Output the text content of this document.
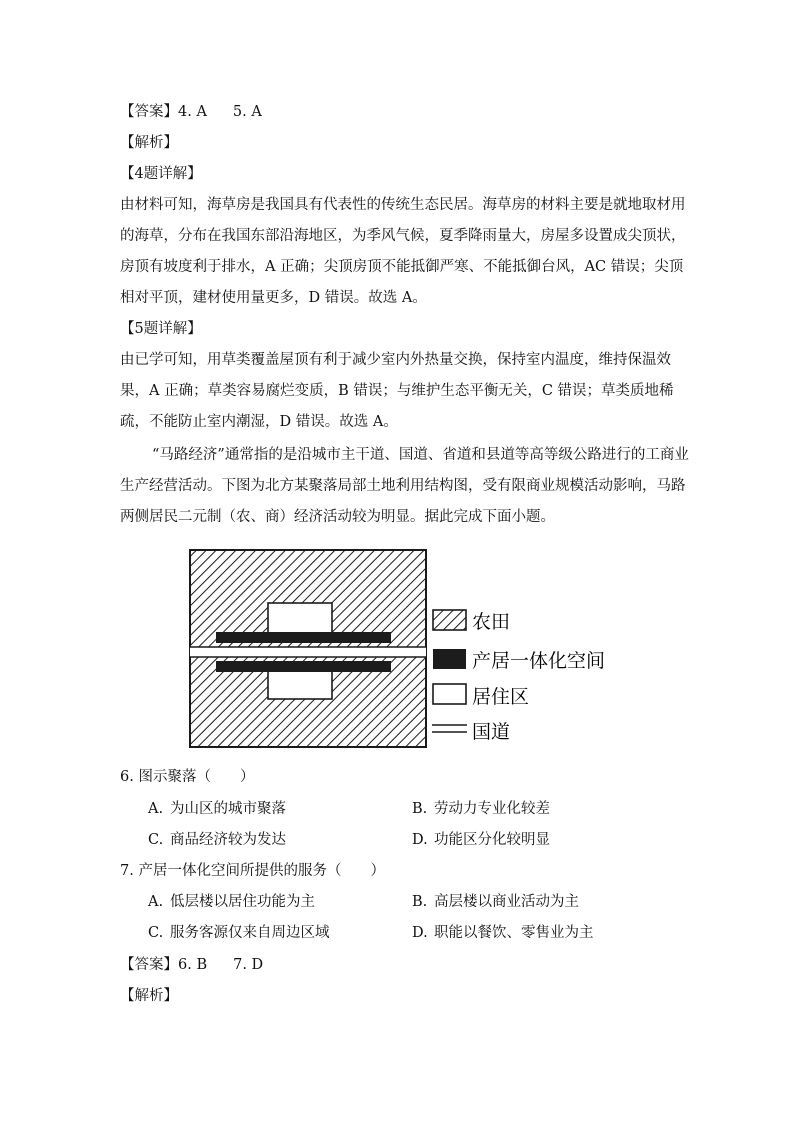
【答案】4. A 5. A
【解析】
【4题详解】
由材料可知，海草房是我国具有代表性的传统生态民居。海草房的材料主要是就地取材用
的海草，分布在我国东部沿海地区，为季风气候，夏季降雨量大，房屋多设置成尖顶状，
房顶有坡度利于排水，A 正确；尖顶房顶不能抵御严寒、不能抵御台风，AC 错误；尖顶
相对平顶，建材使用量更多，D 错误。故选 A。
【5题详解】
由已学可知，用草类覆盖屋顶有利于减少室内外热量交换，保持室内温度，维持保温效
果，A 正确；草类容易腐烂变质，B 错误；与维护生态平衡无关，C 错误；草类质地稀
疏，不能防止室内潮湿，D 错误。故选 A。
“马路经济”通常指的是沿城市主干道、国道、省道和县道等高等级公路进行的工商业
生产经营活动。下图为北方某聚落局部土地利用结构图，受有限商业规模活动影响，马路
两侧居民二元制（农、商）经济活动较为明显。据此完成下面小题。
农田
产居一体化空间
居住区
国道
6. 图示聚落（　　）
A. 为山区的城市聚落	B. 劳动力专业化较差
C. 商品经济较为发达	D. 功能区分化较明显
7. 产居一体化空间所提供的服务（　　）
A. 低层楼以居住功能为主	B. 高层楼以商业活动为主
C. 服务客源仅来自周边区域	D. 职能以餐饮、零售业为主
【答案】6. B 7. D
【解析】
